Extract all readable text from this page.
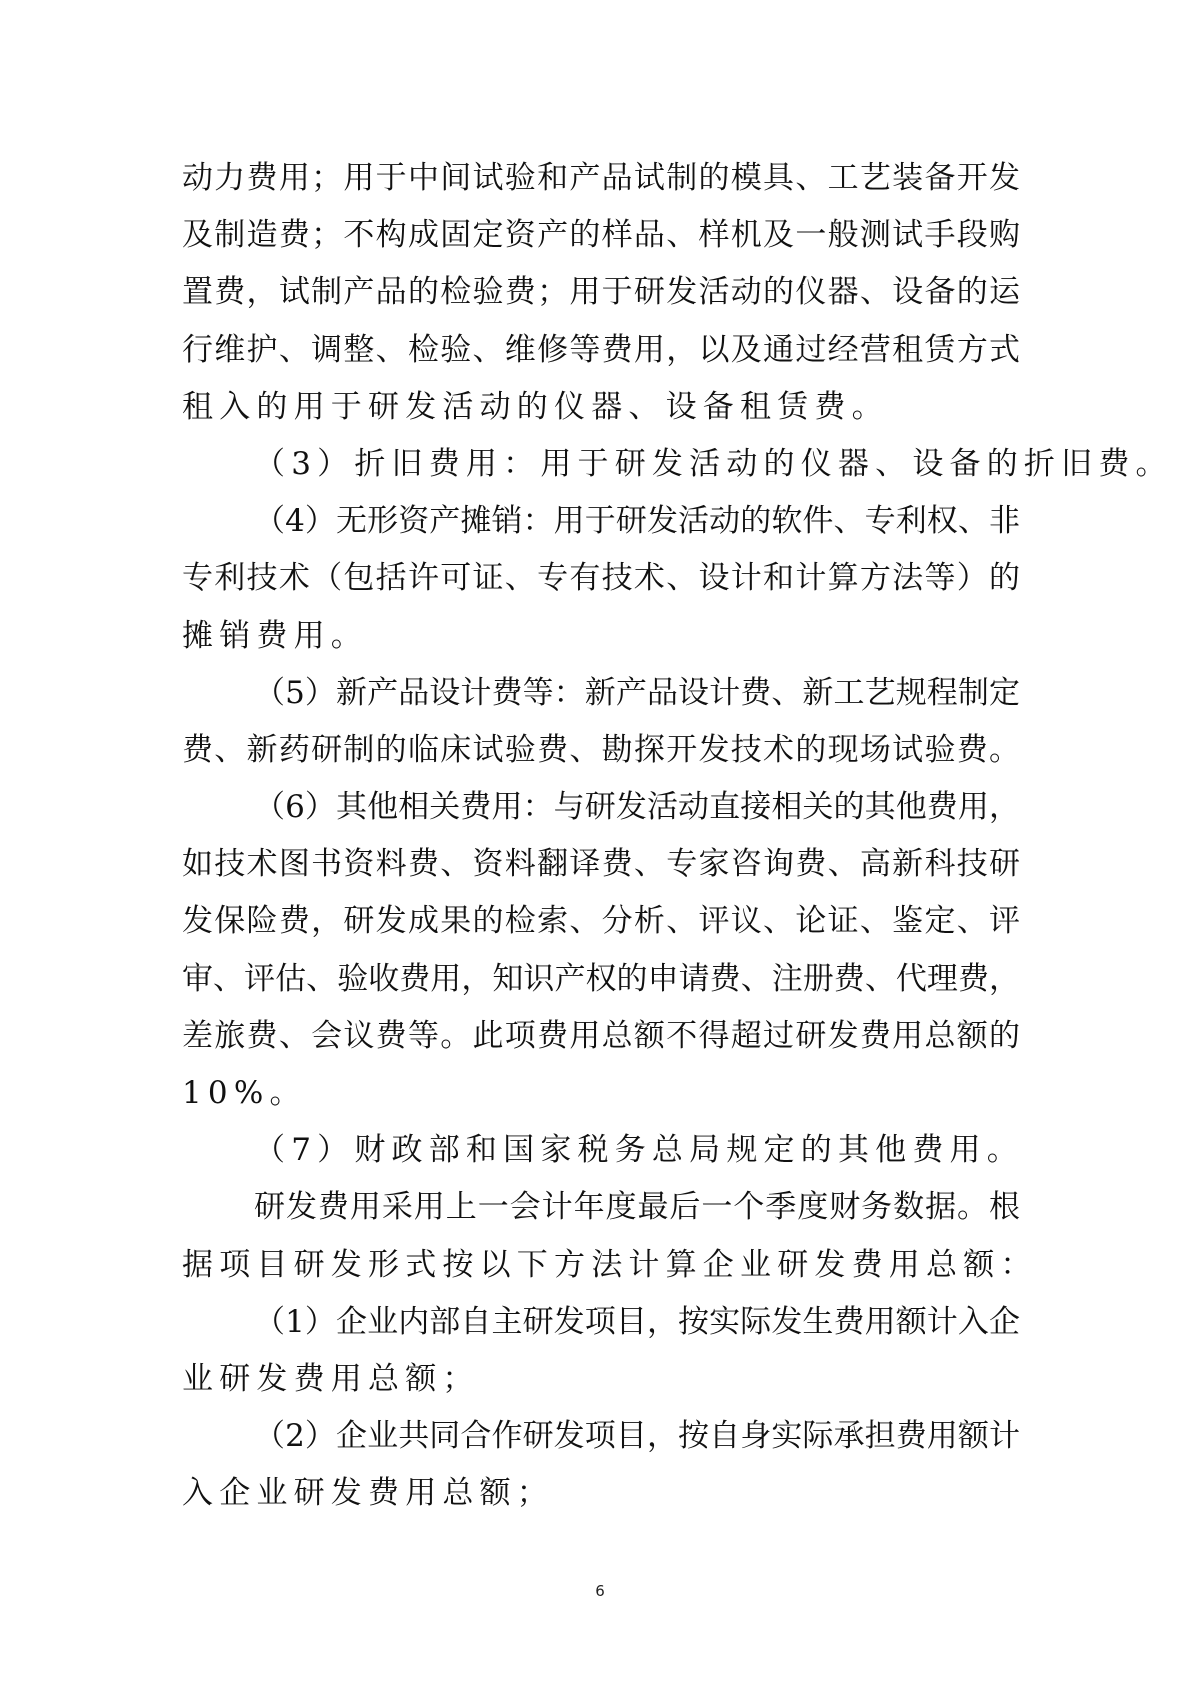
动力费用；用于中间试验和产品试制的模具、工艺装备开发
及制造费；不构成固定资产的样品、样机及一般测试手段购
置费，试制产品的检验费；用于研发活动的仪器、设备的运
行维护、调整、检验、维修等费用，以及通过经营租赁方式
租入的用于研发活动的仪器、设备租赁费。
（3）折旧费用：用于研发活动的仪器、设备的折旧费。
（4）无形资产摊销：用于研发活动的软件、专利权、非
专利技术（包括许可证、专有技术、设计和计算方法等）的
摊销费用。
（5）新产品设计费等：新产品设计费、新工艺规程制定
费、新药研制的临床试验费、勘探开发技术的现场试验费。
（6）其他相关费用：与研发活动直接相关的其他费用，
如技术图书资料费、资料翻译费、专家咨询费、高新科技研
发保险费，研发成果的检索、分析、评议、论证、鉴定、评
审、评估、验收费用，知识产权的申请费、注册费、代理费，
差旅费、会议费等。此项费用总额不得超过研发费用总额的
10%。
（7）财政部和国家税务总局规定的其他费用。
研发费用采用上一会计年度最后一个季度财务数据。根
据项目研发形式按以下方法计算企业研发费用总额：
（1）企业内部自主研发项目，按实际发生费用额计入企
业研发费用总额；
（2）企业共同合作研发项目，按自身实际承担费用额计
入企业研发费用总额；
6
